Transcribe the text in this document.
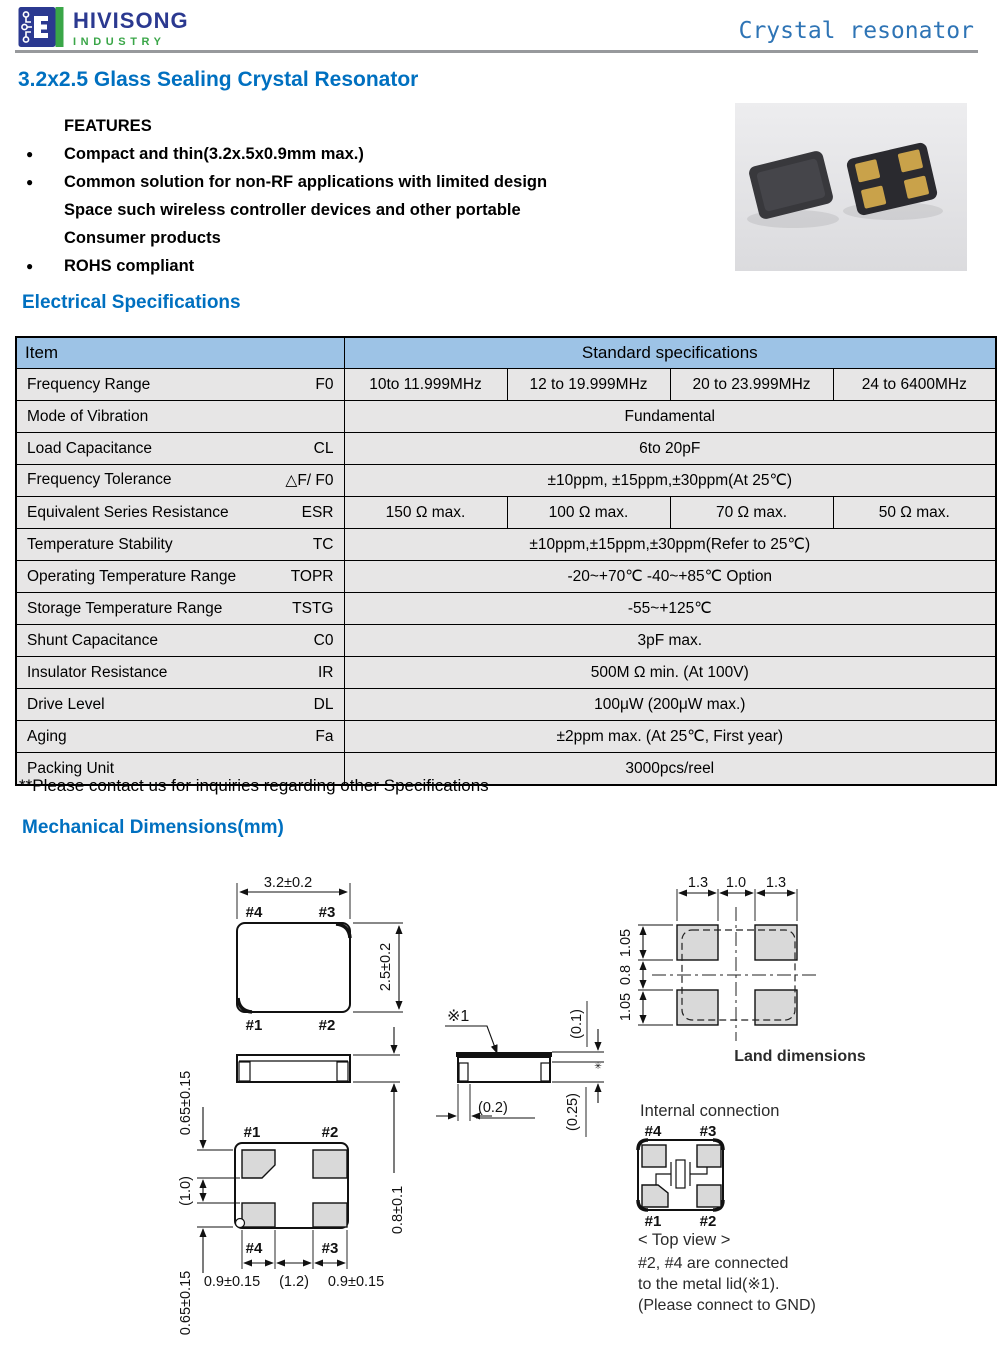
HIVISONG
INDUSTRY	Crystal resonator
3.2x2.5 Glass Sealing Crystal Resonator
FEATURES
●	Compact and thin(3.2x.5x0.9mm max.)
●	Common solution for non-RF applications with limited design
Space such wireless controller devices and other portable
Consumer products
●	ROHS compliant
Electrical Specifications
Item	Standard specifications			

Frequency Range F0	10to 11.999MHz	12 to 19.999MHz	20 to 23.999MHz	24 to 6400MHz

Mode of Vibration	Fundamental			

Load Capacitance CL	6to 20pF			

Frequency Tolerance △F/ F0	±10ppm, ±15ppm,±30ppm(At 25℃)			

Equivalent Series Resistance ESR	150 Ω max.	100 Ω max.	70 Ω max.	50 Ω max.

Temperature Stability TC	±10ppm,±15ppm,±30ppm(Refer to 25℃)			

Operating Temperature Range TOPR	-20~+70℃ -40~+85℃ Option			

Storage Temperature Range TSTG	-55~+125℃			

Shunt Capacitance C0	3pF max.			

Insulator Resistance IR	500M Ω min. (At 100V)			

Drive Level DL	100μW (200μW max.)			

Aging Fa	±2ppm max. (At 25℃, First year)			

Packing Unit	3000pcs/reel			

**Please contact us for inquiries regarding other Specifications

Mechanical Dimensions(mm)
3.2±0.2
#4	#3
#1	#2
2.5±0.2
0.8±0.1
#1	#2
#4	#3
0.65±0.15
(1.0)
0.65±0.15 0.9±0.15 (1.2) 0.9±0.15
※1
(0.2)
(0.1)
✳
(0.25)
1.3 1.0 1.3
1.05
0.8
1.05
Land dimensions
Internal connection
#4	#3
#1	#2
< Top view >
#2, #4 are connected
to the metal lid(※1).
(Please connect to GND)
